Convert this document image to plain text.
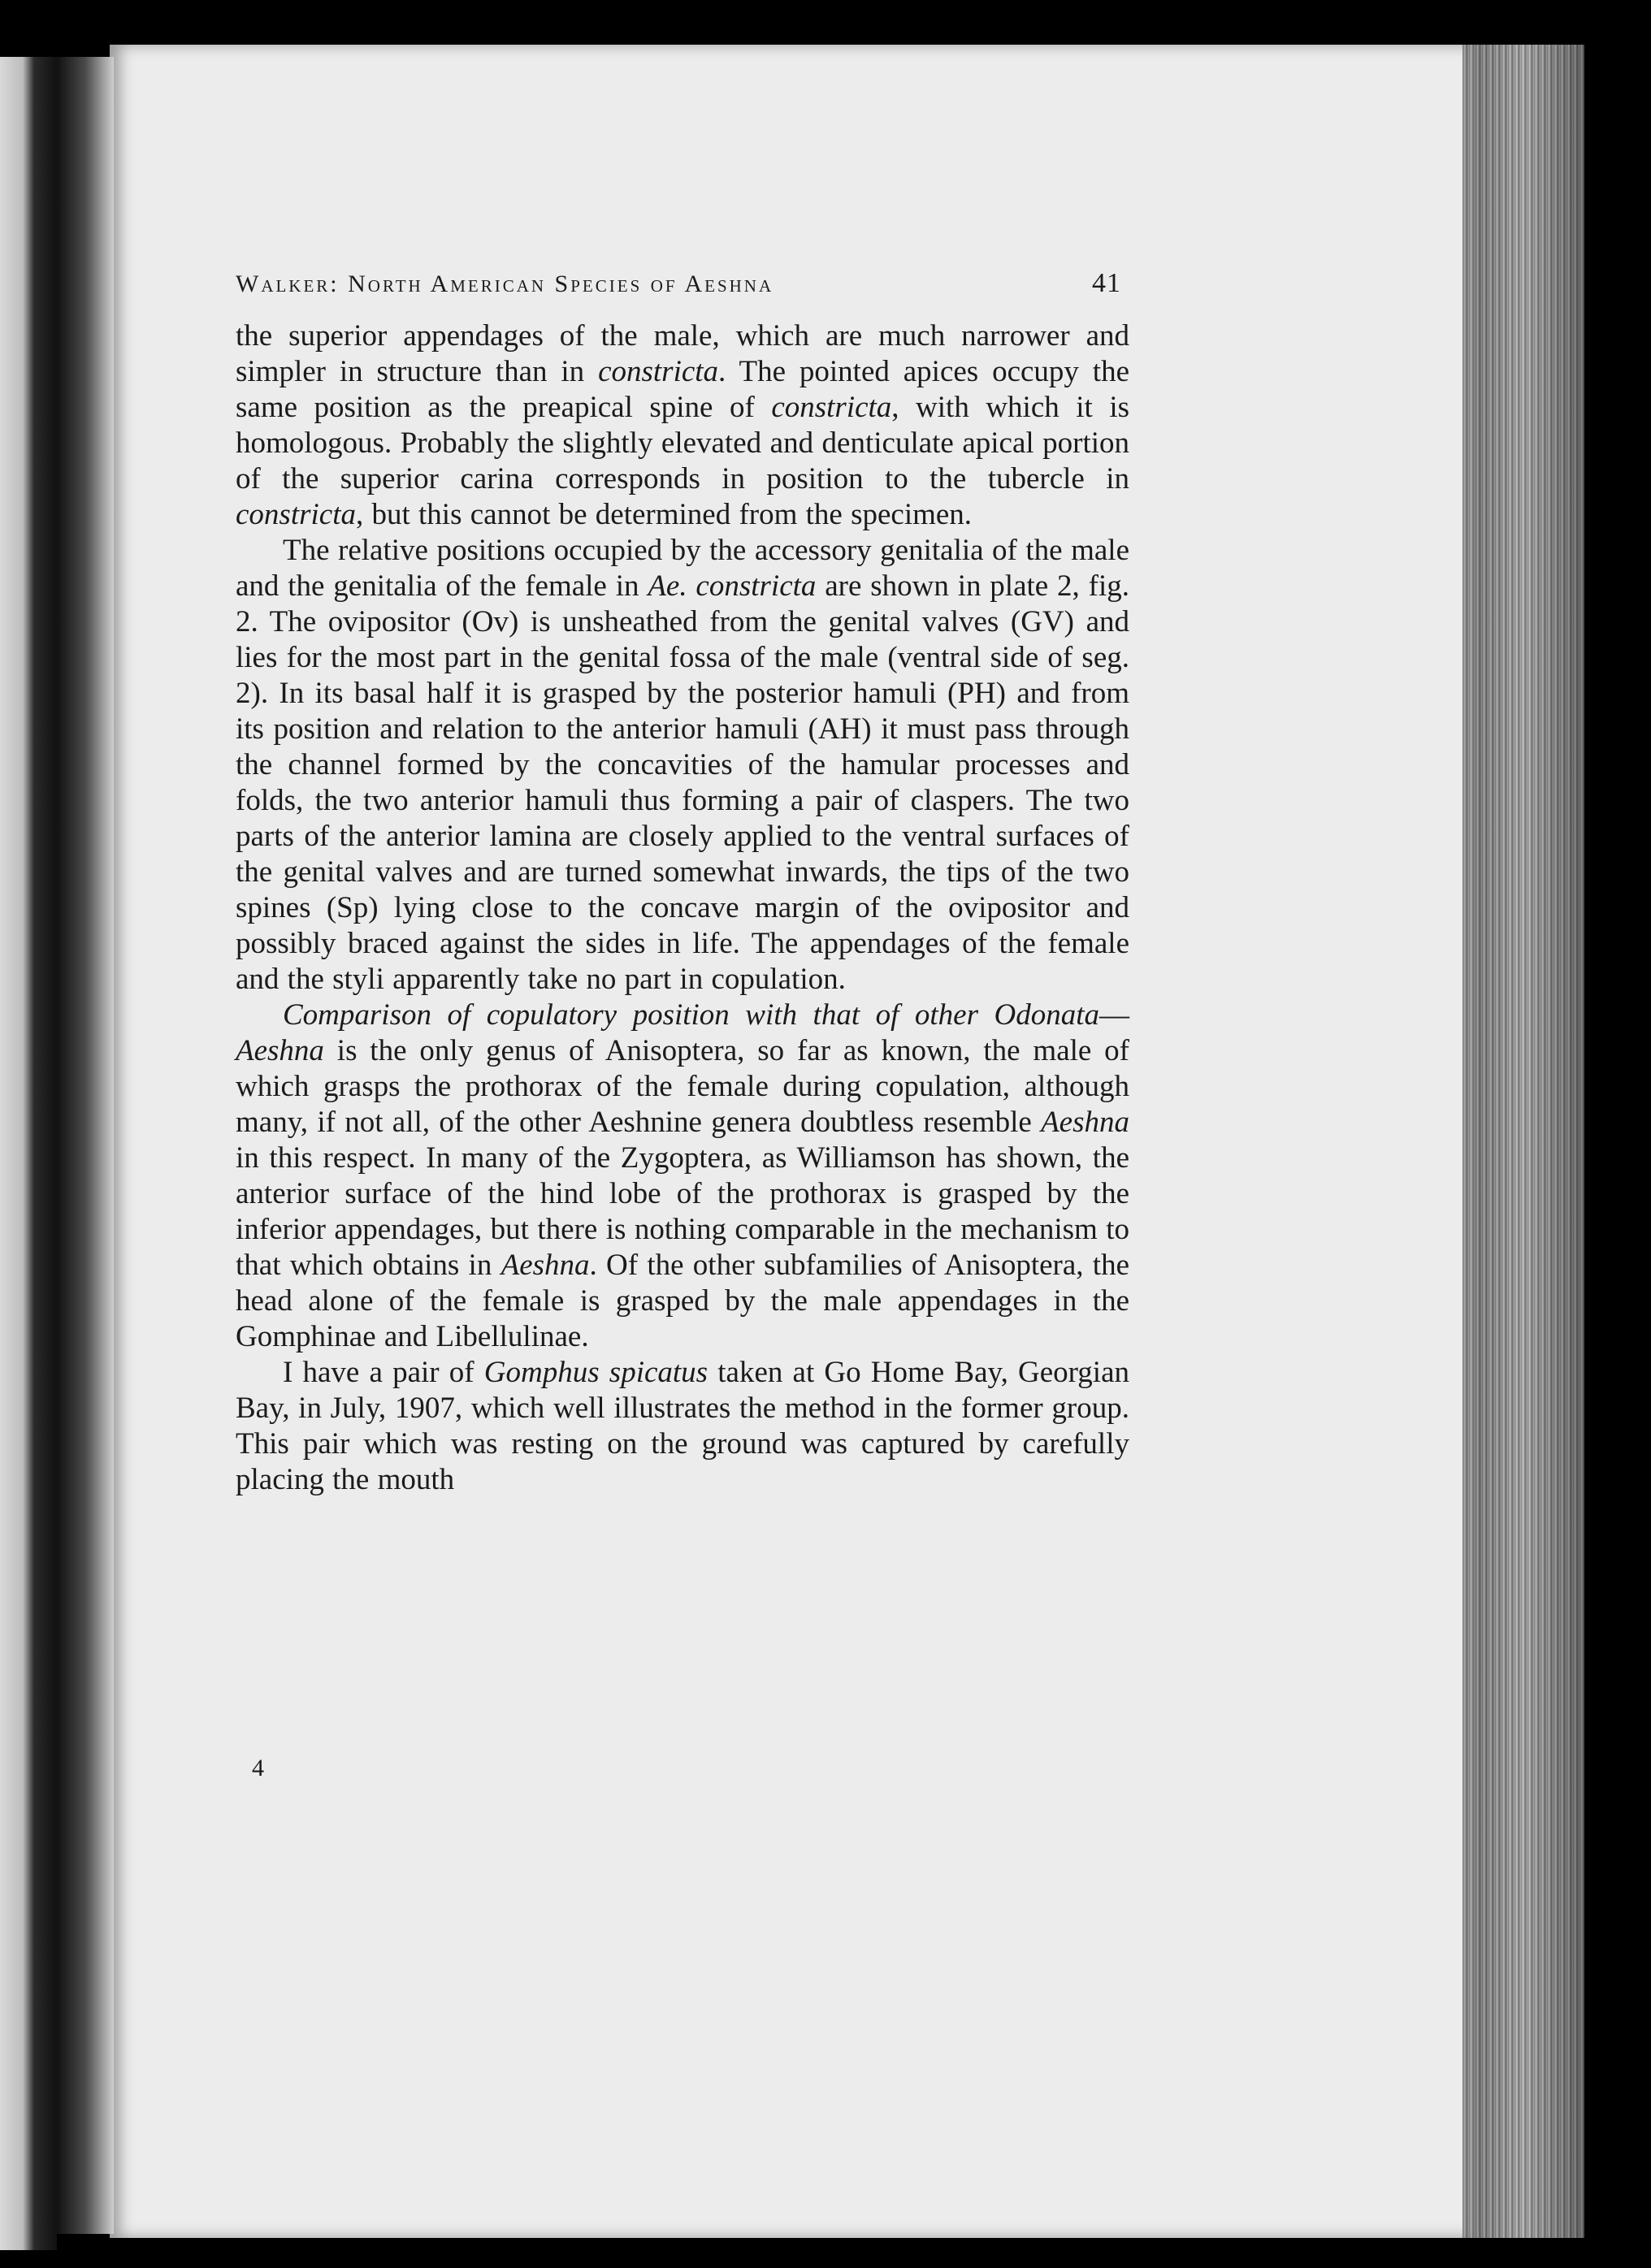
Walker: North American Species of Aeshna	41

the superior appendages of the male, which are much narrower and simpler in structure than in constricta. The pointed apices occupy the same position as the preapical spine of constricta, with which it is homologous. Probably the slightly elevated and denticulate apical portion of the superior carina corresponds in position to the tubercle in constricta, but this cannot be determined from the specimen.

The relative positions occupied by the accessory genitalia of the male and the genitalia of the female in Ae. constricta are shown in plate 2, fig. 2. The ovipositor (Ov) is unsheathed from the genital valves (GV) and lies for the most part in the genital fossa of the male (ventral side of seg. 2). In its basal half it is grasped by the posterior hamuli (PH) and from its position and relation to the anterior hamuli (AH) it must pass through the channel formed by the concavities of the hamular processes and folds, the two anterior hamuli thus forming a pair of claspers. The two parts of the anterior lamina are closely applied to the ventral surfaces of the genital valves and are turned somewhat inwards, the tips of the two spines (Sp) lying close to the concave margin of the ovipositor and possibly braced against the sides in life. The appendages of the female and the styli apparently take no part in copulation.

Comparison of copulatory position with that of other Odonata—Aeshna is the only genus of Anisoptera, so far as known, the male of which grasps the prothorax of the female during copulation, although many, if not all, of the other Aeshnine genera doubtless resemble Aeshna in this respect. In many of the Zygoptera, as Williamson has shown, the anterior surface of the hind lobe of the prothorax is grasped by the inferior appendages, but there is nothing comparable in the mechanism to that which obtains in Aeshna. Of the other subfamilies of Anisoptera, the head alone of the female is grasped by the male appendages in the Gomphinae and Libellulinae.

I have a pair of Gomphus spicatus taken at Go Home Bay, Georgian Bay, in July, 1907, which well illustrates the method in the former group. This pair which was resting on the ground was captured by carefully placing the mouth

4
